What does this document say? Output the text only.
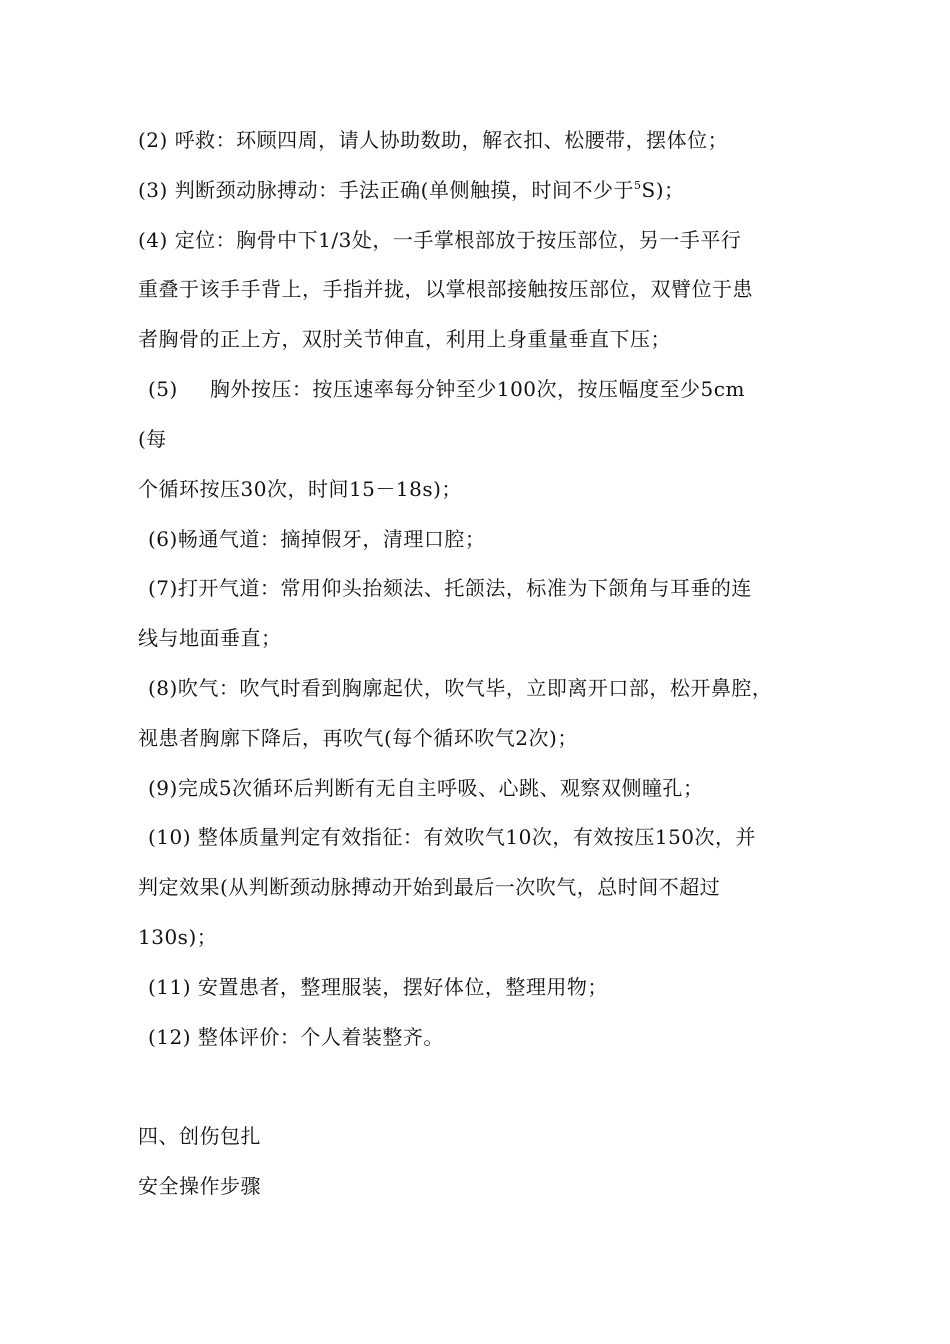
(2) 呼救：环顾四周，请人协助数助，解衣扣、松腰带，摆体位；
(3) 判断颈动脉搏动：手法正确(单侧触摸，时间不少于$^5$S)；
(4) 定位：胸骨中下1/3处，一手掌根部放于按压部位，另一手平行
重叠于该手手背上，手指并拢，以掌根部接触按压部位，双臂位于患
者胸骨的正上方，双肘关节伸直，利用上身重量垂直下压；
(5) 胸外按压：按压速率每分钟至少100次，按压幅度至少5cm
(每
个循环按压30次，时间15－18s)；
(6)畅通气道：摘掉假牙，清理口腔；
(7)打开气道：常用仰头抬颏法、托颌法，标准为下颌角与耳垂的连
线与地面垂直；
(8)吹气：吹气时看到胸廓起伏，吹气毕，立即离开口部，松开鼻腔，
视患者胸廓下降后，再吹气(每个循环吹气2次)；
(9)完成5次循环后判断有无自主呼吸、心跳、观察双侧瞳孔；
(10) 整体质量判定有效指征：有效吹气10次，有效按压150次，并
判定效果(从判断颈动脉搏动开始到最后一次吹气，总时间不超过
130s)；
(11) 安置患者，整理服装，摆好体位，整理用物；
(12) 整体评价：个人着装整齐。
四、创伤包扎
安全操作步骤
